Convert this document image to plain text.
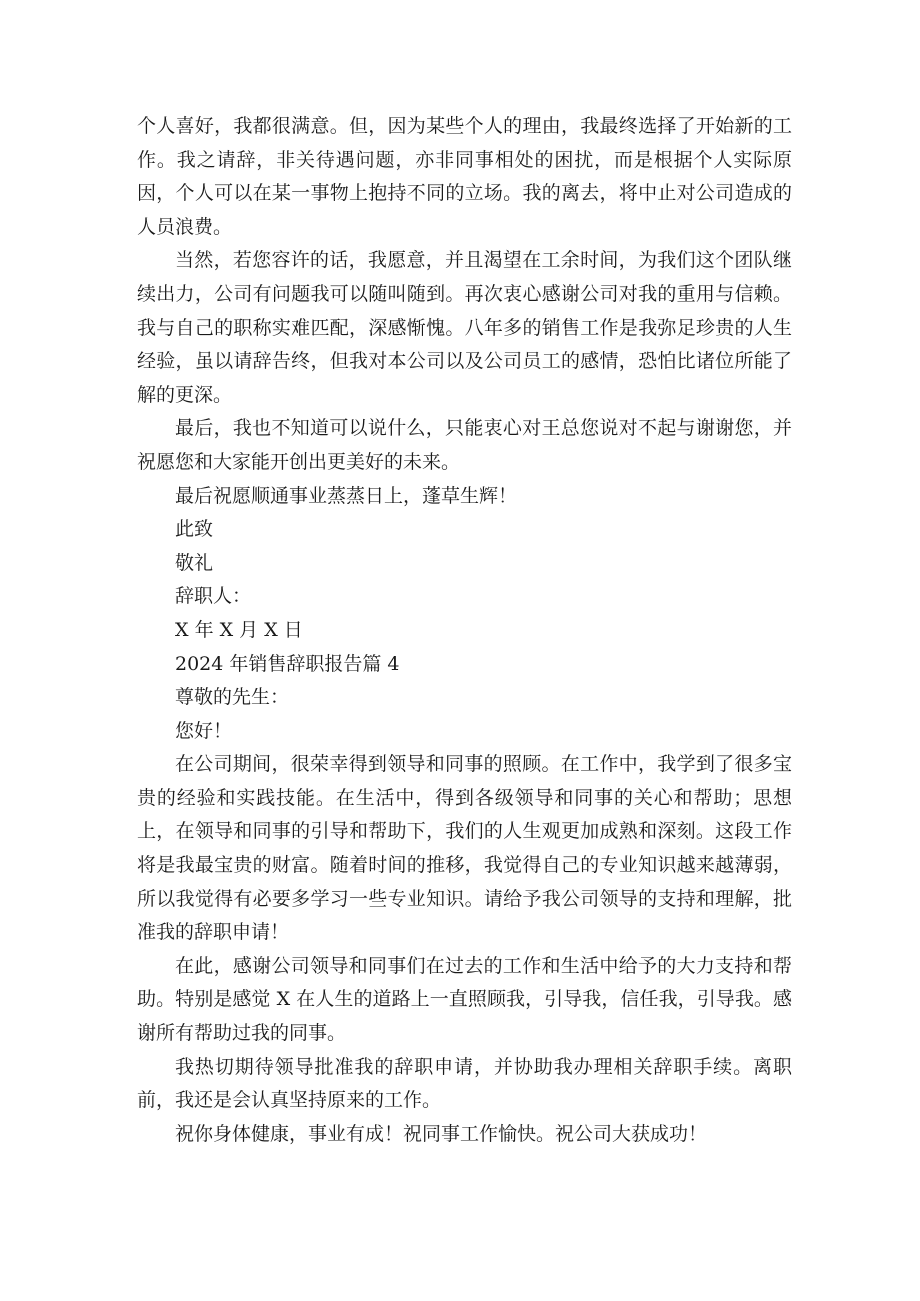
个人喜好，我都很满意。但，因为某些个人的理由，我最终选择了开始新的工作。我之请辞，非关待遇问题，亦非同事相处的困扰，而是根据个人实际原因，个人可以在某一事物上抱持不同的立场。我的离去，将中止对公司造成的人员浪费。

当然，若您容许的话，我愿意，并且渴望在工余时间，为我们这个团队继续出力，公司有问题我可以随叫随到。再次衷心感谢公司对我的重用与信赖。我与自己的职称实难匹配，深感惭愧。八年多的销售工作是我弥足珍贵的人生经验，虽以请辞告终，但我对本公司以及公司员工的感情，恐怕比诸位所能了解的更深。

最后，我也不知道可以说什么，只能衷心对王总您说对不起与谢谢您，并祝愿您和大家能开创出更美好的未来。

最后祝愿顺通事业蒸蒸日上，蓬草生辉！

此致

敬礼

辞职人：

X 年 X 月 X 日

2024 年销售辞职报告篇 4

尊敬的先生：

您好！

在公司期间，很荣幸得到领导和同事的照顾。在工作中，我学到了很多宝贵的经验和实践技能。在生活中，得到各级领导和同事的关心和帮助；思想上，在领导和同事的引导和帮助下，我们的人生观更加成熟和深刻。这段工作将是我最宝贵的财富。随着时间的推移，我觉得自己的专业知识越来越薄弱，所以我觉得有必要多学习一些专业知识。请给予我公司领导的支持和理解，批准我的辞职申请！

在此，感谢公司领导和同事们在过去的工作和生活中给予的大力支持和帮助。特别是感觉 X 在人生的道路上一直照顾我，引导我，信任我，引导我。感谢所有帮助过我的同事。

我热切期待领导批准我的辞职申请，并协助我办理相关辞职手续。离职前，我还是会认真坚持原来的工作。

祝你身体健康，事业有成！祝同事工作愉快。祝公司大获成功！
